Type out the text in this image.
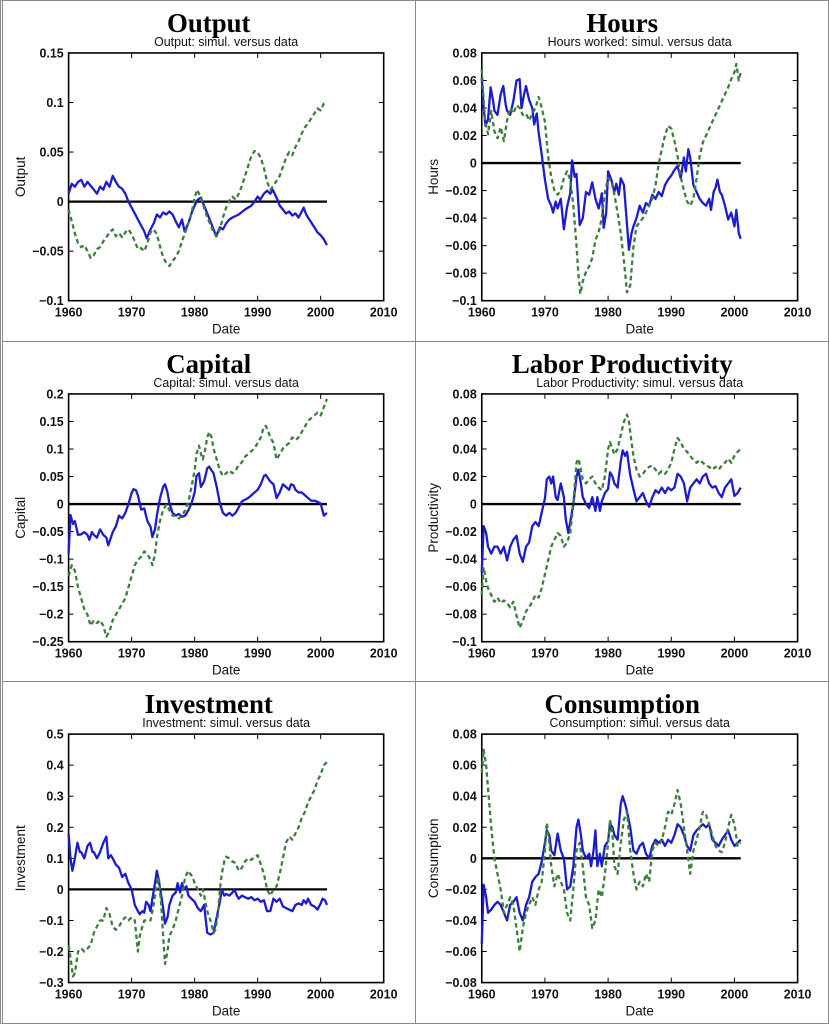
Output
Output: simul. versus data
1960	1970	1980	1990	2000	2010
0.15
0.1
0.05
0
−0.05
−0.1
Output
Date
Hours
Hours worked: simul. versus data
1960	1970	1980	1990	2000	2010
0.08
0.06
0.04
0.02
0
−0.02
−0.04
−0.06
−0.08
−0.1
Hours
Date
Capital
Capital: simul. versus data
1960	1970	1980	1990	2000	2010
0.2
0.15
0.1
0.05
0
−0.05
−0.1
−0.15
−0.2
−0.25
Capital
Date
Labor Productivity
Labor Productivity: simul. versus data
1960	1970	1980	1990	2000	2010
0.08
0.06
0.04
0.02
0
−0.02
−0.04
−0.06
−0.08
−0.1
Productivity
Date
Investment
Investment: simul. versus data
1960	1970	1980	1990	2000	2010
0.5
0.4
0.3
0.2
0.1
0
−0.1
−0.2
−0.3
Investment
Date
Consumption
Consumption: simul. versus data
1960	1970	1980	1990	2000	2010
0.08
0.06
0.04
0.02
0
−0.02
−0.04
−0.06
−0.08
Consumption
Date
